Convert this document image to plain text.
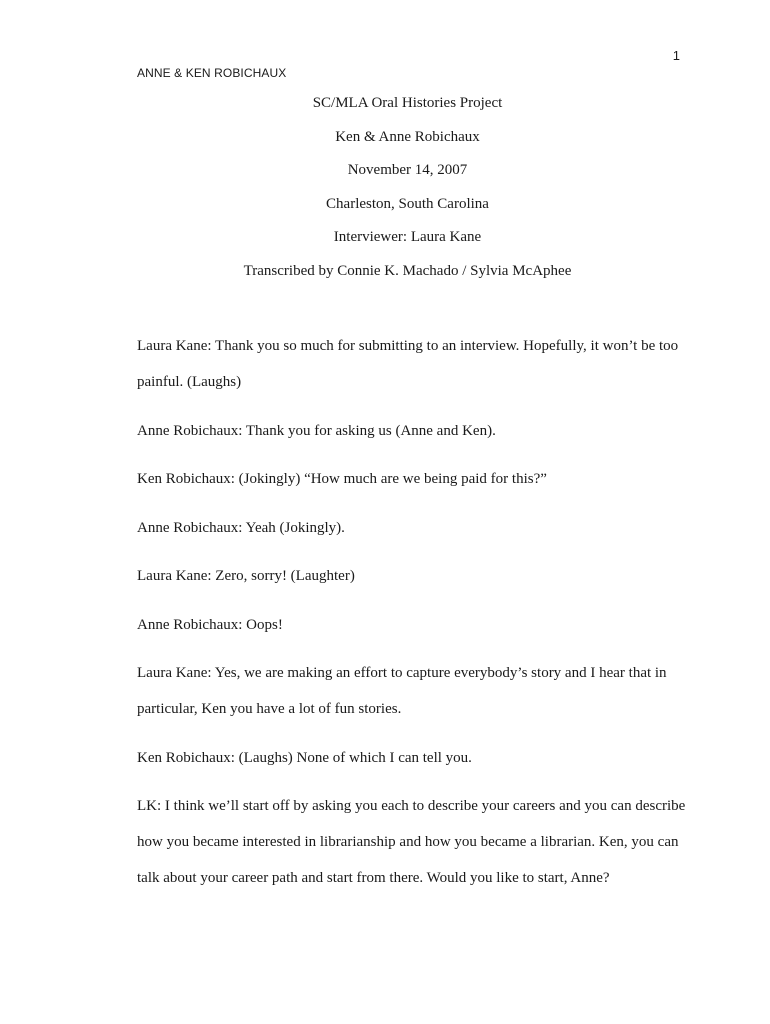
1
ANNE & KEN ROBICHAUX
SC/MLA Oral Histories Project
Ken & Anne Robichaux
November 14, 2007
Charleston, South Carolina
Interviewer: Laura Kane
Transcribed by Connie K. Machado / Sylvia McAphee

Laura Kane: Thank you so much for submitting to an interview. Hopefully, it won’t be too painful. (Laughs)

Anne Robichaux: Thank you for asking us (Anne and Ken).

Ken Robichaux: (Jokingly) “How much are we being paid for this?”

Anne Robichaux: Yeah (Jokingly).

Laura Kane: Zero, sorry! (Laughter)

Anne Robichaux: Oops!

Laura Kane: Yes, we are making an effort to capture everybody’s story and I hear that in particular, Ken you have a lot of fun stories.

Ken Robichaux: (Laughs) None of which I can tell you.

LK: I think we’ll start off by asking you each to describe your careers and you can describe how you became interested in librarianship and how you became a librarian. Ken, you can talk about your career path and start from there. Would you like to start, Anne?
